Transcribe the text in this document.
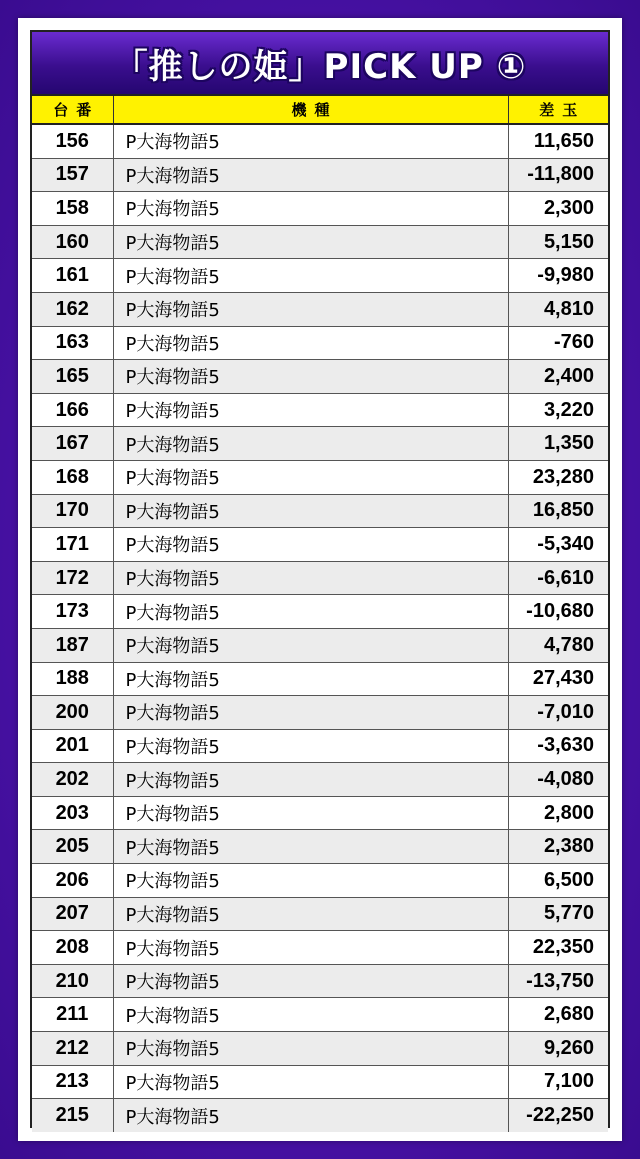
「推しの姫」PICK UP ①
台番	機種	差玉
156	P大海物語5	11,650
157	P大海物語5	-11,800
158	P大海物語5	2,300
160	P大海物語5	5,150
161	P大海物語5	-9,980
162	P大海物語5	4,810
163	P大海物語5	-760
165	P大海物語5	2,400
166	P大海物語5	3,220
167	P大海物語5	1,350
168	P大海物語5	23,280
170	P大海物語5	16,850
171	P大海物語5	-5,340
172	P大海物語5	-6,610
173	P大海物語5	-10,680
187	P大海物語5	4,780
188	P大海物語5	27,430
200	P大海物語5	-7,010
201	P大海物語5	-3,630
202	P大海物語5	-4,080
203	P大海物語5	2,800
205	P大海物語5	2,380
206	P大海物語5	6,500
207	P大海物語5	5,770
208	P大海物語5	22,350
210	P大海物語5	-13,750
211	P大海物語5	2,680
212	P大海物語5	9,260
213	P大海物語5	7,100
215	P大海物語5	-22,250
